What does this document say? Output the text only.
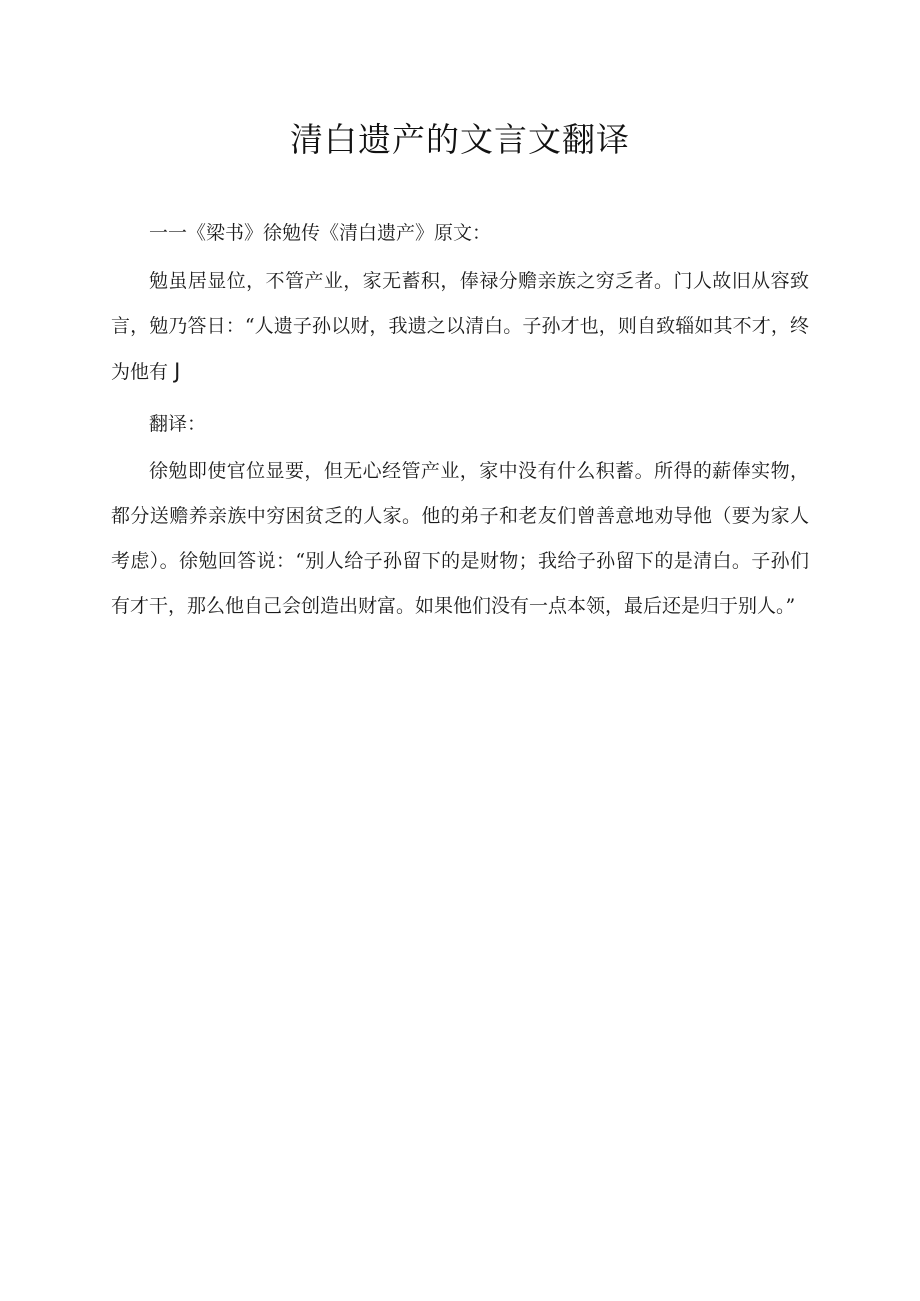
清白遗产的文言文翻译

一一《梁书》徐勉传《清白遗产》原文：

勉虽居显位，不管产业，家无蓄积，俸禄分赡亲族之穷乏者。门人故旧从容致言，勉乃答日：“人遗子孙以财，我遗之以清白。子孙才也，则自致辎如其不才，终为他有 J

翻译：

徐勉即使官位显要，但无心经管产业，家中没有什么积蓄。所得的薪俸实物，都分送赡养亲族中穷困贫乏的人家。他的弟子和老友们曾善意地劝导他（要为家人考虑）。徐勉回答说：“别人给子孙留下的是财物；我给子孙留下的是清白。子孙们有才干，那么他自己会创造出财富。如果他们没有一点本领，最后还是归于别人。”
